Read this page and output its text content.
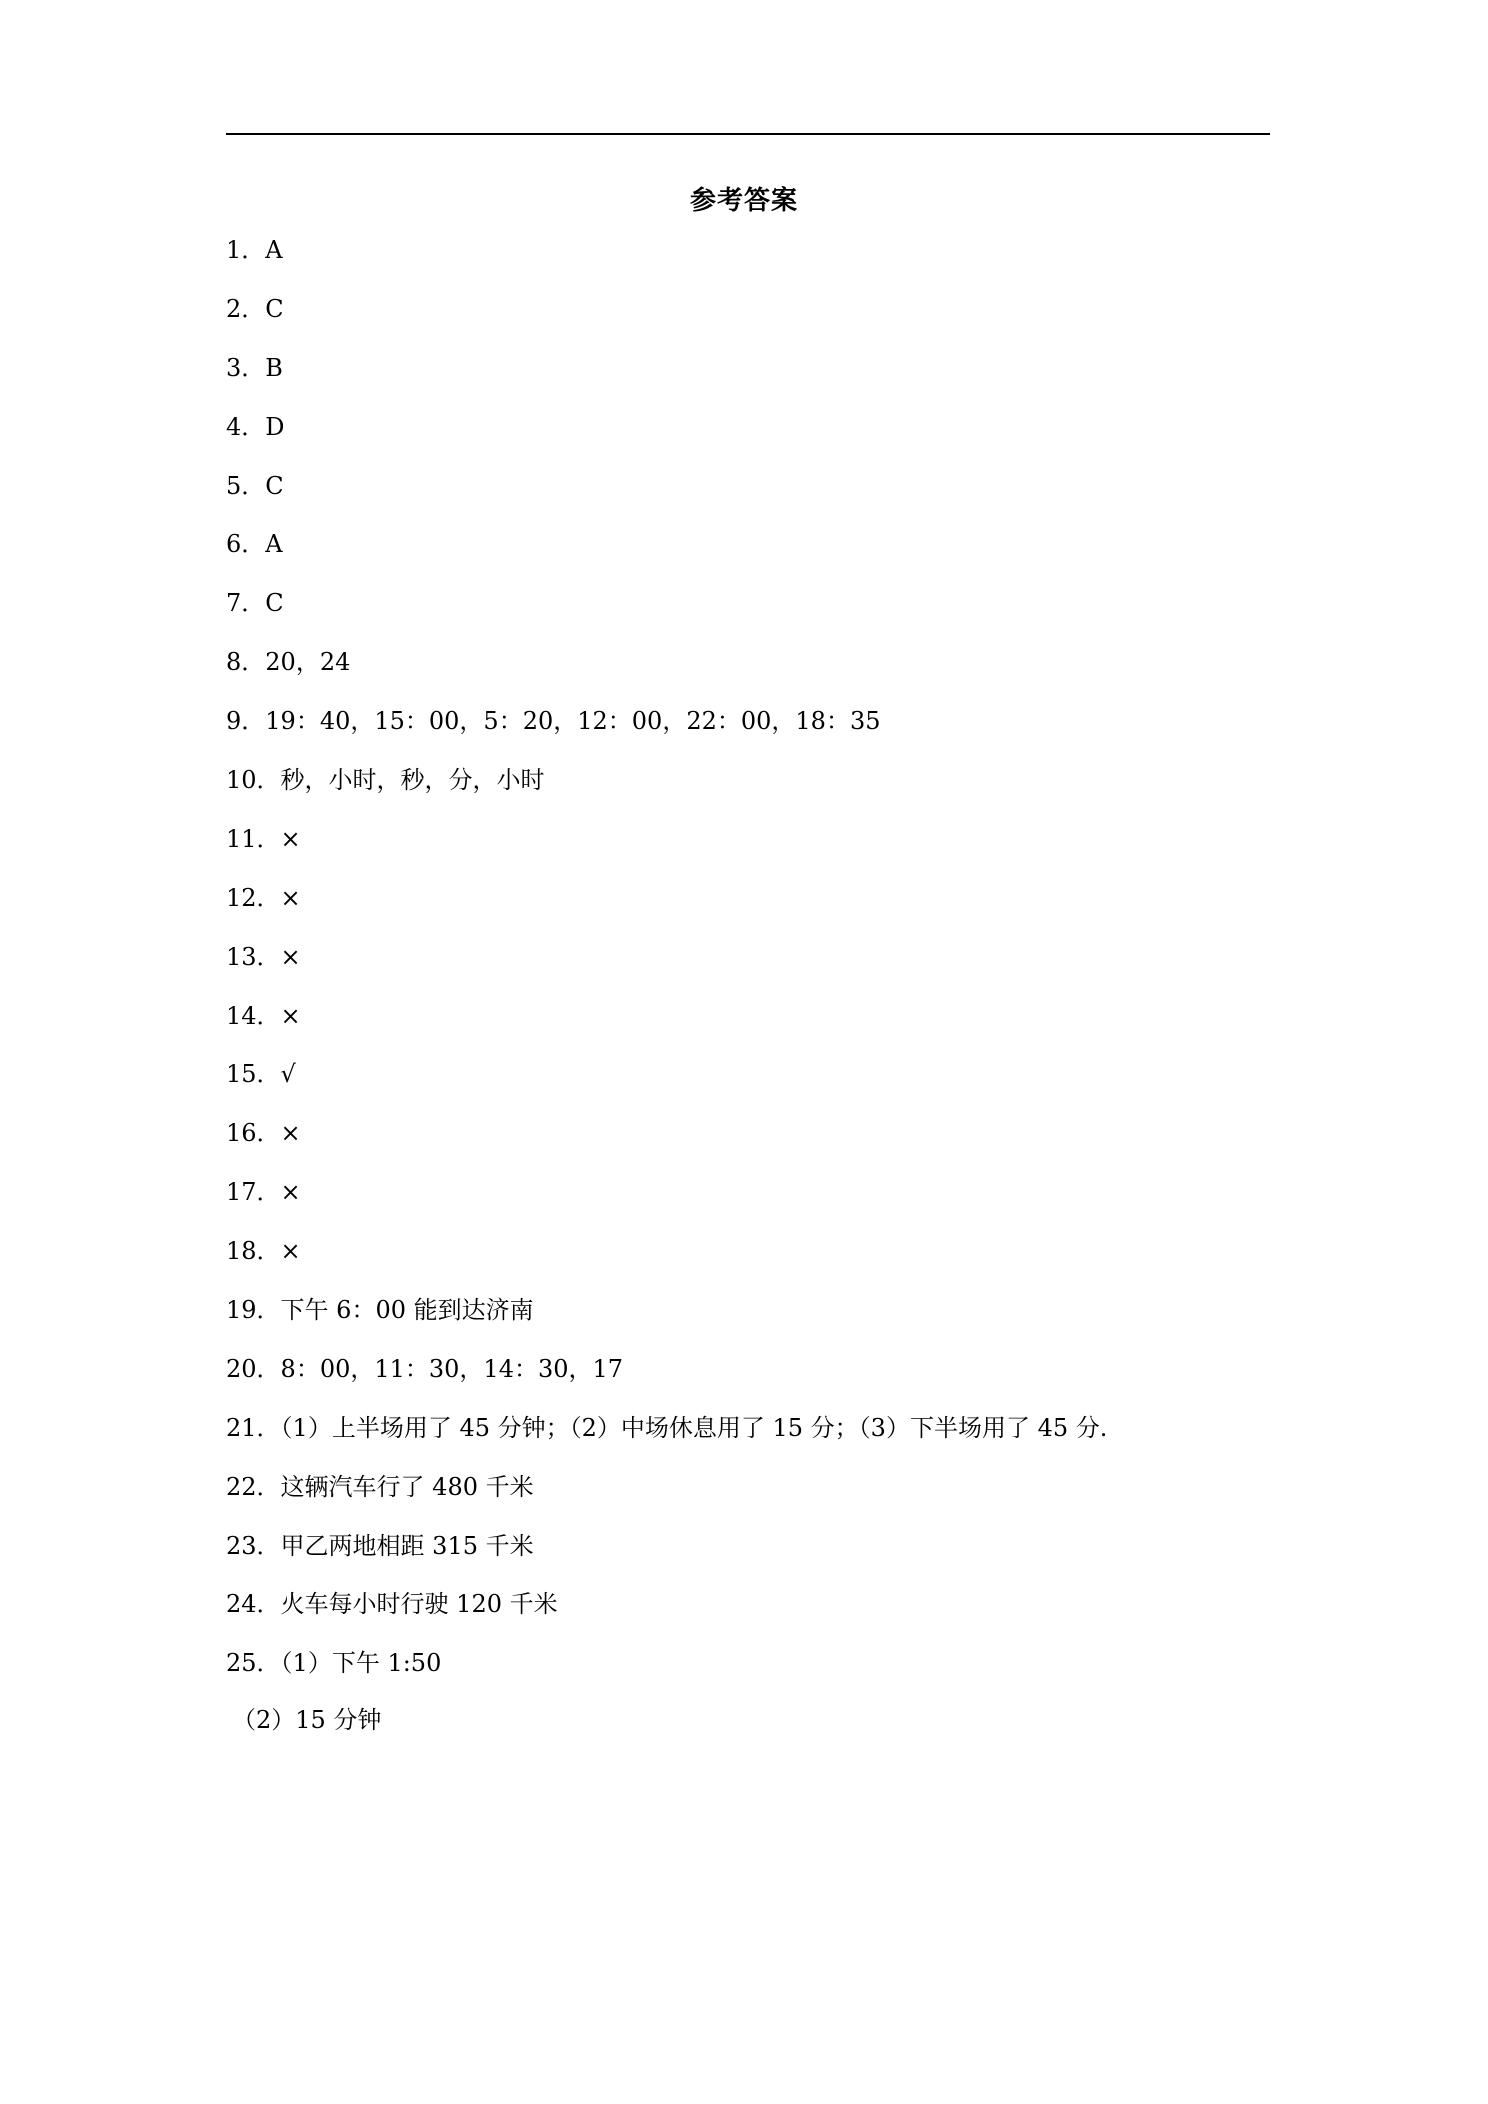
参考答案
1．A
2．C
3．B
4．D
5．C
6．A
7．C
8．20，24
9．19：40，15：00，5：20，12：00，22：00，18：35
10．秒，小时，秒，分，小时
11．×
12．×
13．×
14．×
15．√
16．×
17．×
18．×
19．下午 6：00 能到达济南
20．8：00，11：30，14：30，17
21．（1）上半场用了 45 分钟；（2）中场休息用了 15 分；（3）下半场用了 45 分.
22．这辆汽车行了 480 千米
23．甲乙两地相距 315 千米
24．火车每小时行驶 120 千米
25．（1）下午 1:50
（2）15 分钟
